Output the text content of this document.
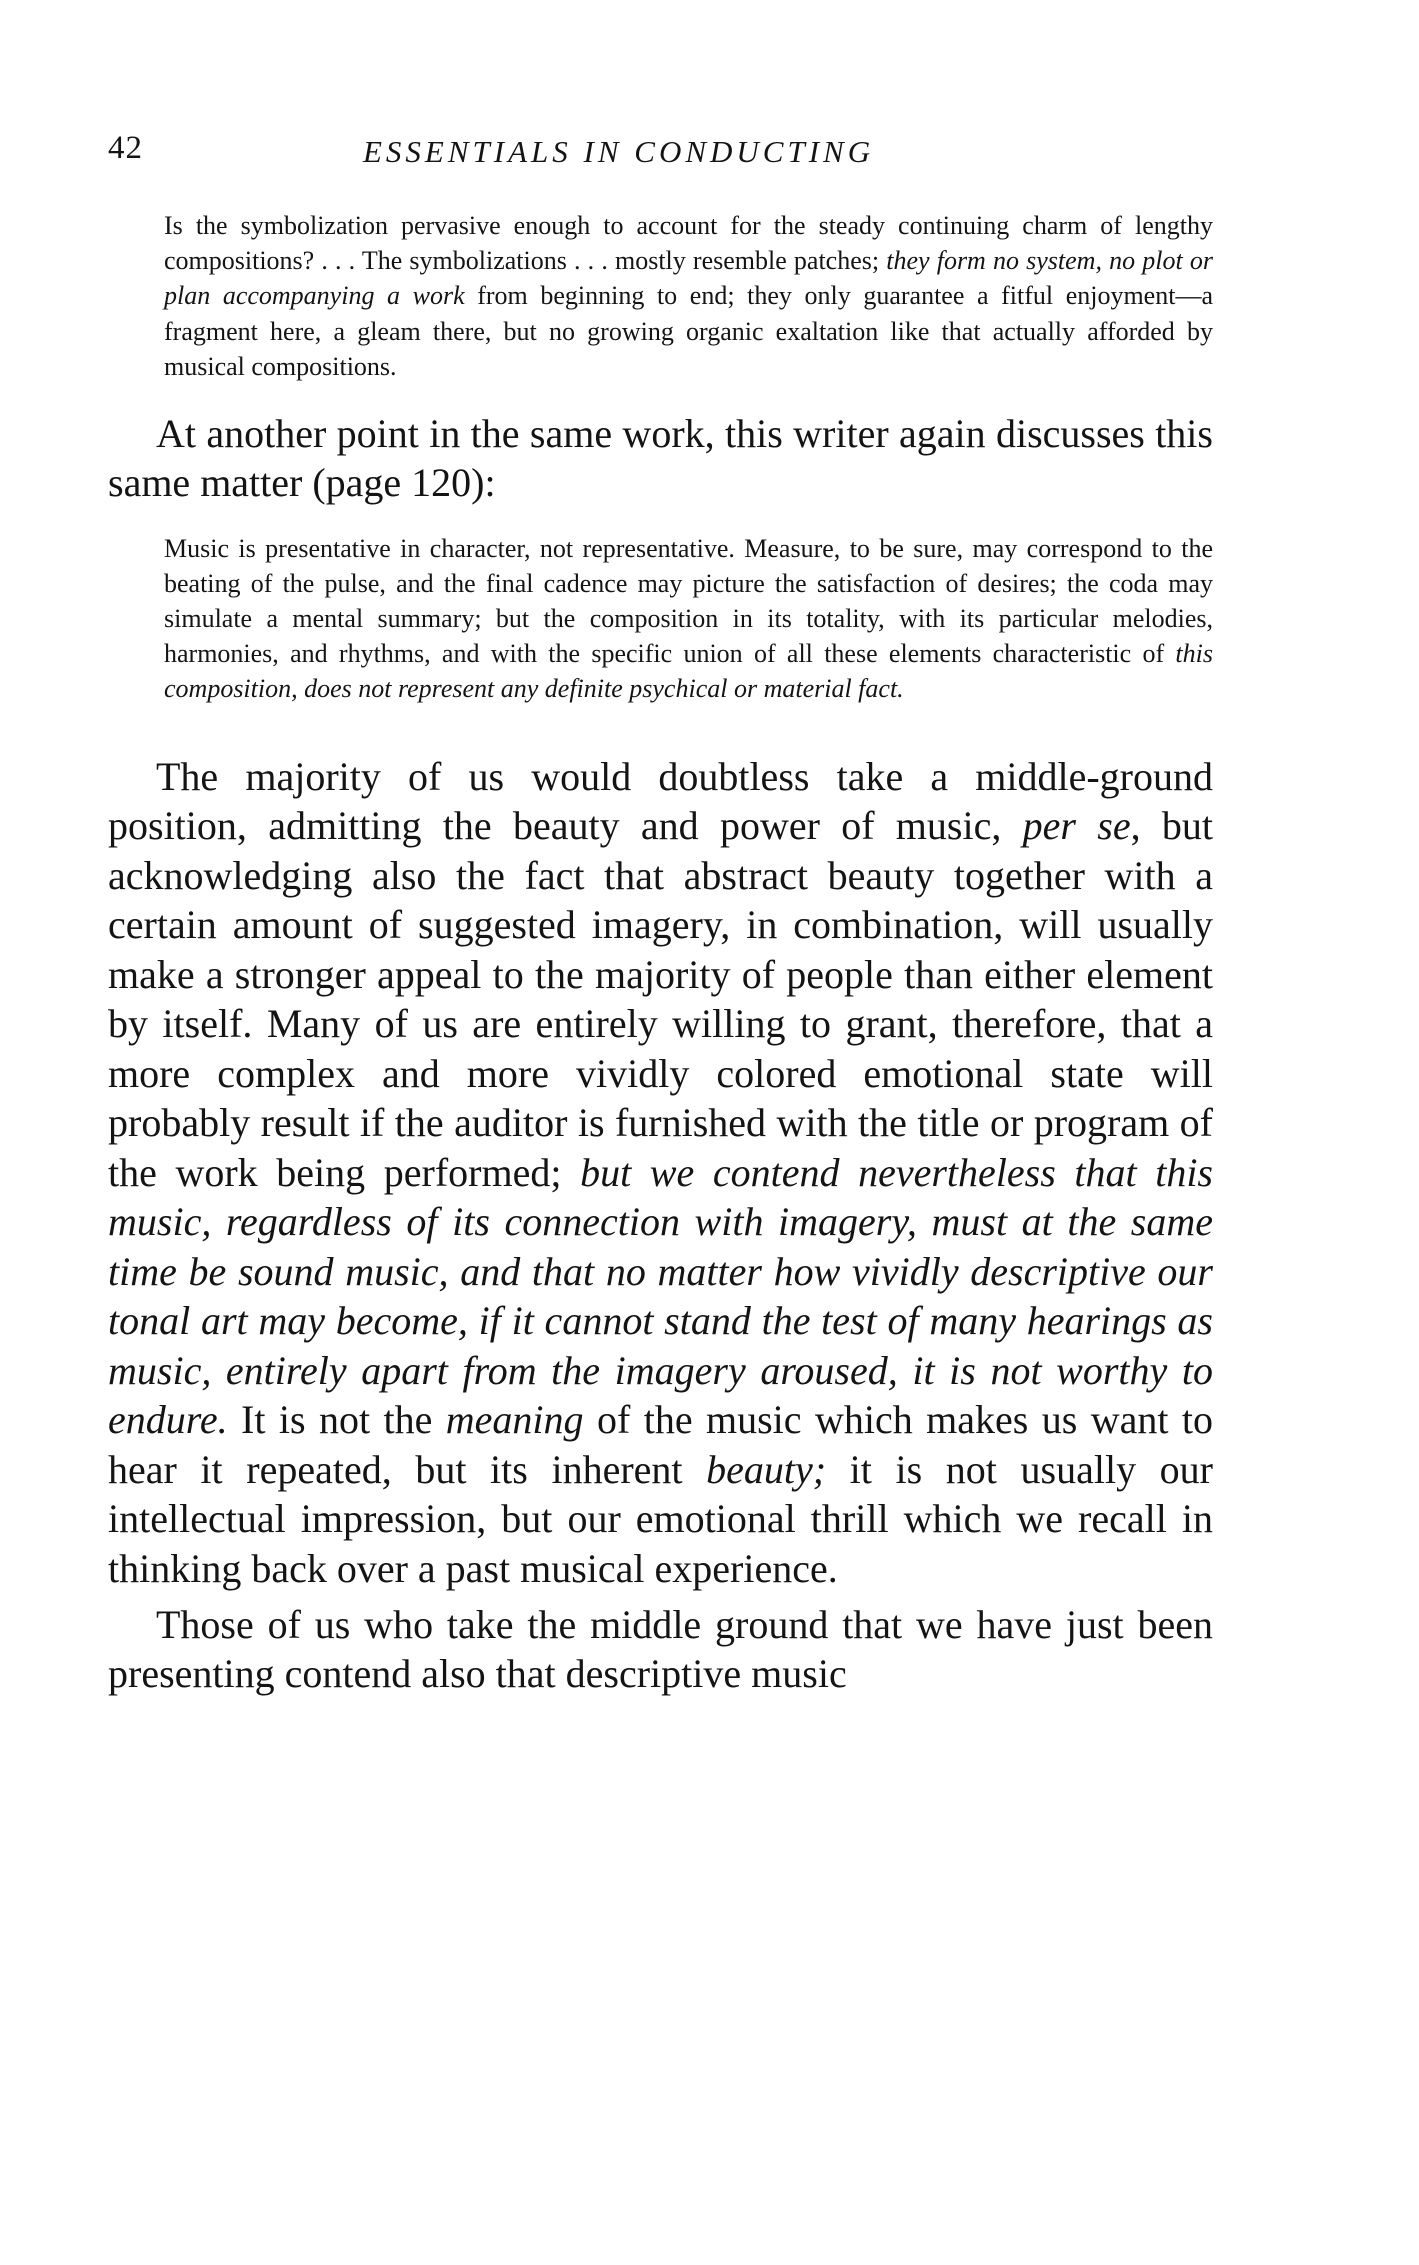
42	ESSENTIALS IN CONDUCTING

Is the symbolization pervasive enough to account for the steady continuing charm of lengthy compositions? . . . The symbolizations . . . mostly resemble patches; they form no system, no plot or plan accompanying a work from beginning to end; they only guarantee a fitful enjoyment—a fragment here, a gleam there, but no growing organic exaltation like that actually afforded by musical compositions.

At another point in the same work, this writer again discusses this same matter (page 120):

Music is presentative in character, not representative. Measure, to be sure, may correspond to the beating of the pulse, and the final cadence may picture the satisfaction of desires; the coda may simulate a mental summary; but the composition in its totality, with its particular melodies, harmonies, and rhythms, and with the specific union of all these elements characteristic of this composition, does not represent any definite psychical or material fact.

The majority of us would doubtless take a middle-ground position, admitting the beauty and power of music, per se, but acknowledging also the fact that abstract beauty together with a certain amount of suggested imagery, in combination, will usually make a stronger appeal to the majority of people than either element by itself. Many of us are entirely willing to grant, therefore, that a more complex and more vividly colored emotional state will probably result if the auditor is furnished with the title or program of the work being performed; but we contend nevertheless that this music, regardless of its connection with imagery, must at the same time be sound music, and that no matter how vividly descriptive our tonal art may become, if it cannot stand the test of many hearings as music, entirely apart from the imagery aroused, it is not worthy to endure. It is not the meaning of the music which makes us want to hear it repeated, but its inherent beauty; it is not usually our intellectual impression, but our emotional thrill which we recall in thinking back over a past musical experience.

Those of us who take the middle ground that we have just been presenting contend also that descriptive music
